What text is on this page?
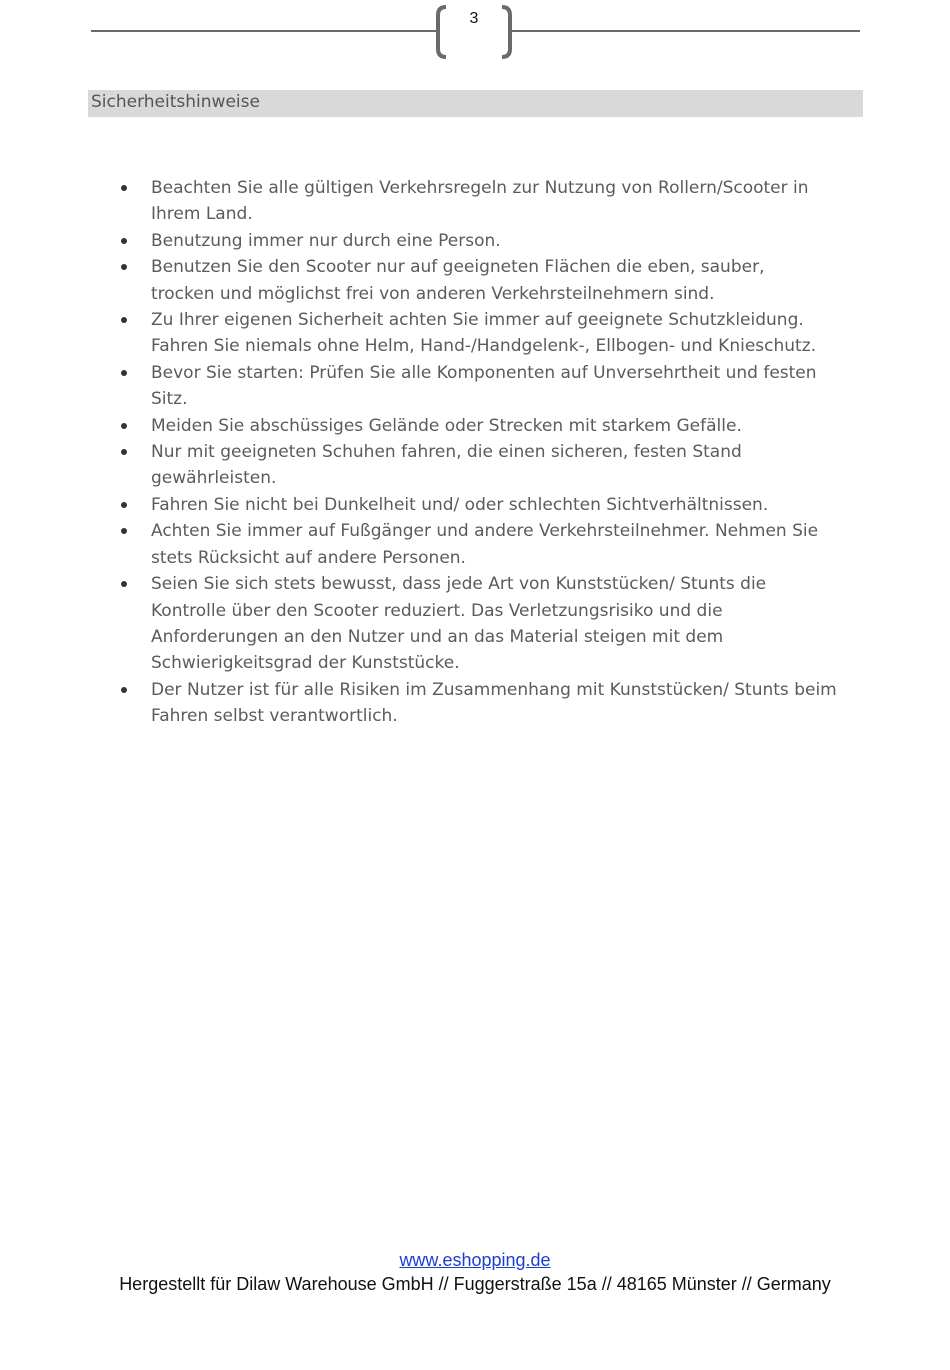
3
Sicherheitshinweise
Beachten Sie alle gültigen Verkehrsregeln zur Nutzung von Rollern/Scooter in
Ihrem Land.
Benutzung immer nur durch eine Person.
Benutzen Sie den Scooter nur auf geeigneten Flächen die eben, sauber,
trocken und möglichst frei von anderen Verkehrsteilnehmern sind.
Zu Ihrer eigenen Sicherheit achten Sie immer auf geeignete Schutzkleidung.
Fahren Sie niemals ohne Helm, Hand-/Handgelenk-, Ellbogen- und Knieschutz.
Bevor Sie starten: Prüfen Sie alle Komponenten auf Unversehrtheit und festen
Sitz.
Meiden Sie abschüssiges Gelände oder Strecken mit starkem Gefälle.
Nur mit geeigneten Schuhen fahren, die einen sicheren, festen Stand
gewährleisten.
Fahren Sie nicht bei Dunkelheit und/ oder schlechten Sichtverhältnissen.
Achten Sie immer auf Fußgänger und andere Verkehrsteilnehmer. Nehmen Sie
stets Rücksicht auf andere Personen.
Seien Sie sich stets bewusst, dass jede Art von Kunststücken/ Stunts die
Kontrolle über den Scooter reduziert. Das Verletzungsrisiko und die
Anforderungen an den Nutzer und an das Material steigen mit dem
Schwierigkeitsgrad der Kunststücke.
Der Nutzer ist für alle Risiken im Zusammenhang mit Kunststücken/ Stunts beim
Fahren selbst verantwortlich.
www.eshopping.de
Hergestellt für Dilaw Warehouse GmbH // Fuggerstraße 15a // 48165 Münster // Germany
